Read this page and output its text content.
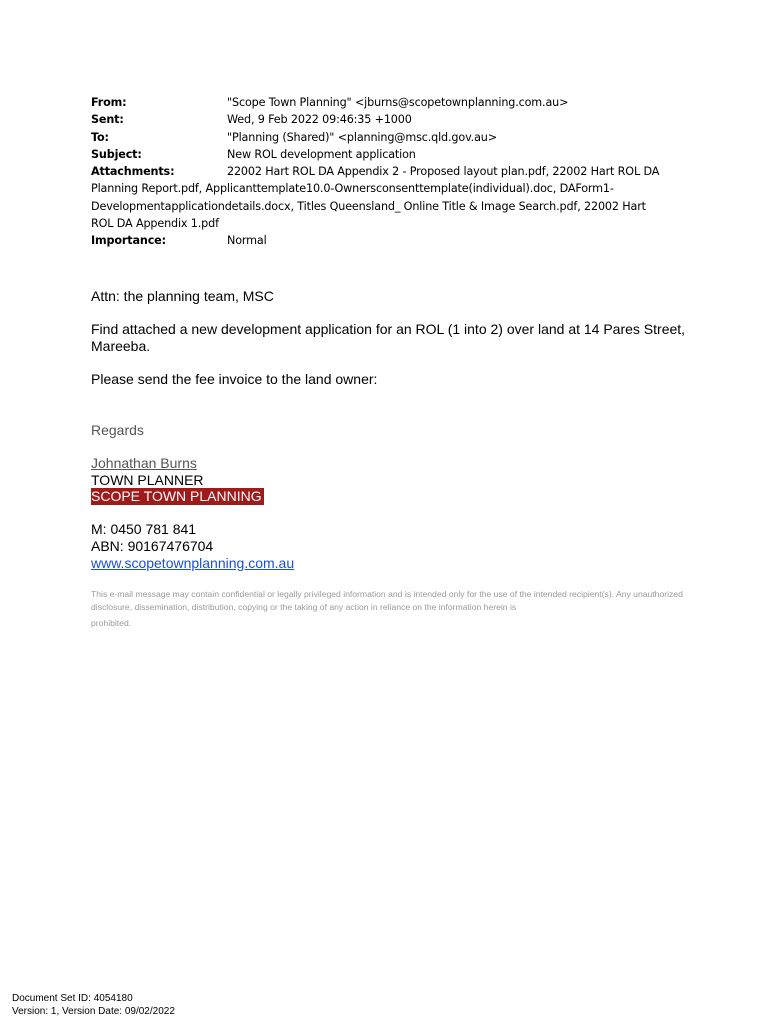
From:	"Scope Town Planning" <jburns@scopetownplanning.com.au>
Sent:	Wed, 9 Feb 2022 09:46:35 +1000
To:	"Planning (Shared)" <planning@msc.qld.gov.au>
Subject:	New ROL development application
Attachments:	22002 Hart ROL DA Appendix 2 - Proposed layout plan.pdf, 22002 Hart ROL DA Planning Report.pdf, Applicanttemplate10.0-Ownersconsenttemplate(individual).doc, DAForm1-Developmentapplicationdetails.docx, Titles Queensland_ Online Title & Image Search.pdf, 22002 Hart ROL DA Appendix 1.pdf
Importance:	Normal

Attn: the planning team, MSC

Find attached a new development application for an ROL (1 into 2) over land at 14 Pares Street, Mareeba.

Please send the fee invoice to the land owner:

Regards
Johnathan Burns
TOWN PLANNER
SCOPE TOWN PLANNING
M: 0450 781 841
ABN: 90167476704
www.scopetownplanning.com.au
This e-mail message may contain confidential or legally privileged information and is intended only for the use of the intended recipient(s). Any unauthorized disclosure, dissemination, distribution, copying or the taking of any action in reliance on the information herein is
prohibited.
Document Set ID: 4054180
Version: 1, Version Date: 09/02/2022
